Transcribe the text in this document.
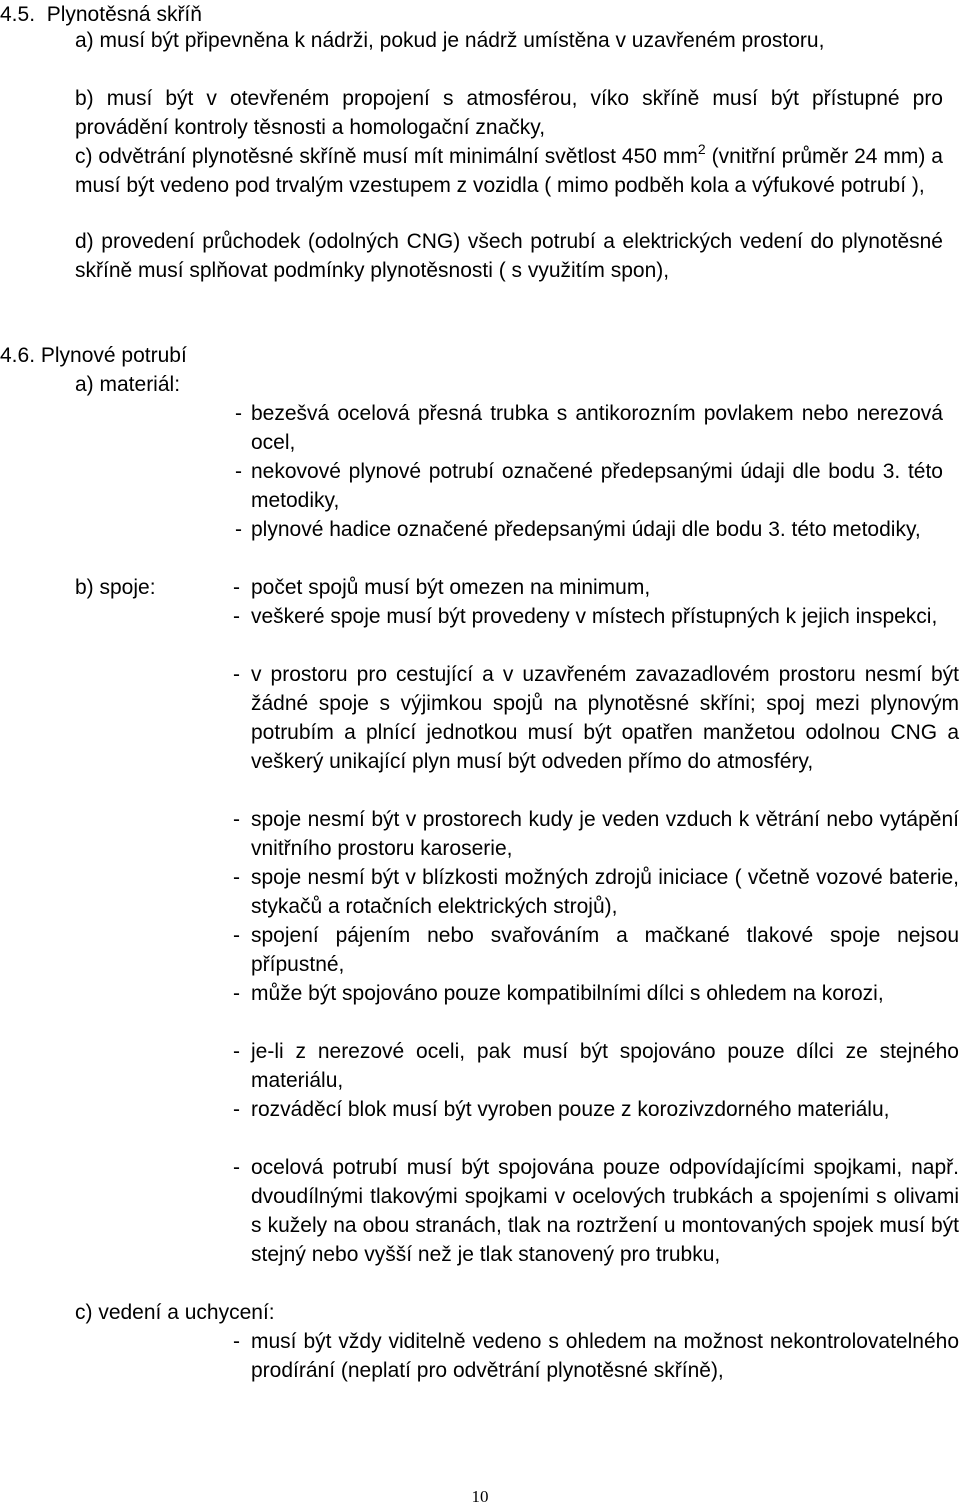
4.5. Plynotěsná skříň
a) musí být připevněna k nádrži, pokud je nádrž umístěna v uzavřeném prostoru,
b) musí být v otevřeném propojení s atmosférou, víko skříně musí být přístupné pro provádění kontroly těsnosti a homologační značky,
c) odvětrání plynotěsné skříně musí mít minimální světlost 450 $mm^2$ (vnitřní průměr 24 mm) a musí být vedeno pod trvalým vzestupem z vozidla ( mimo podběh kola a výfukové potrubí ),
d) provedení průchodek (odolných CNG) všech potrubí a elektrických vedení do plynotěsné skříně musí splňovat podmínky plynotěsnosti ( s využitím spon),
4.6. Plynové potrubí
a) materiál:
- bezešvá ocelová přesná trubka s antikorozním povlakem nebo nerezová ocel,
- nekovové plynové potrubí označené předepsanými údaji dle bodu 3. této metodiky,
- plynové hadice označené předepsanými údaji dle bodu 3. této metodiky,
b) spoje:	- počet spojů musí být omezen na minimum,
- veškeré spoje musí být provedeny v místech přístupných k jejich inspekci,
- v prostoru pro cestující a v uzavřeném zavazadlovém prostoru nesmí být žádné spoje s výjimkou spojů na plynotěsné skříni; spoj mezi plynovým potrubím a plnící jednotkou musí být opatřen manžetou odolnou CNG a veškerý unikající plyn musí být odveden přímo do atmosféry,
- spoje nesmí být v prostorech kudy je veden vzduch k větrání nebo vytápění vnitřního prostoru karoserie,
- spoje nesmí být v blízkosti možných zdrojů iniciace ( včetně vozové baterie, stykačů a rotačních elektrických strojů),
- spojení pájením nebo svařováním a mačkané tlakové spoje nejsou přípustné,
- může být spojováno pouze kompatibilními dílci s ohledem na korozi,
- je-li z nerezové oceli, pak musí být spojováno pouze dílci ze stejného materiálu,
- rozváděcí blok musí být vyroben pouze z korozivzdorného materiálu,
- ocelová potrubí musí být spojována pouze odpovídajícími spojkami, např. dvoudílnými tlakovými spojkami v ocelových trubkách a spojeními s olivami s kužely na obou stranách, tlak na roztržení u montovaných spojek musí být stejný nebo vyšší než je tlak stanovený pro trubku,
c) vedení a uchycení:
- musí být vždy viditelně vedeno s ohledem na možnost nekontrolovatelného prodírání (neplatí pro odvětrání plynotěsné skříně),
10
